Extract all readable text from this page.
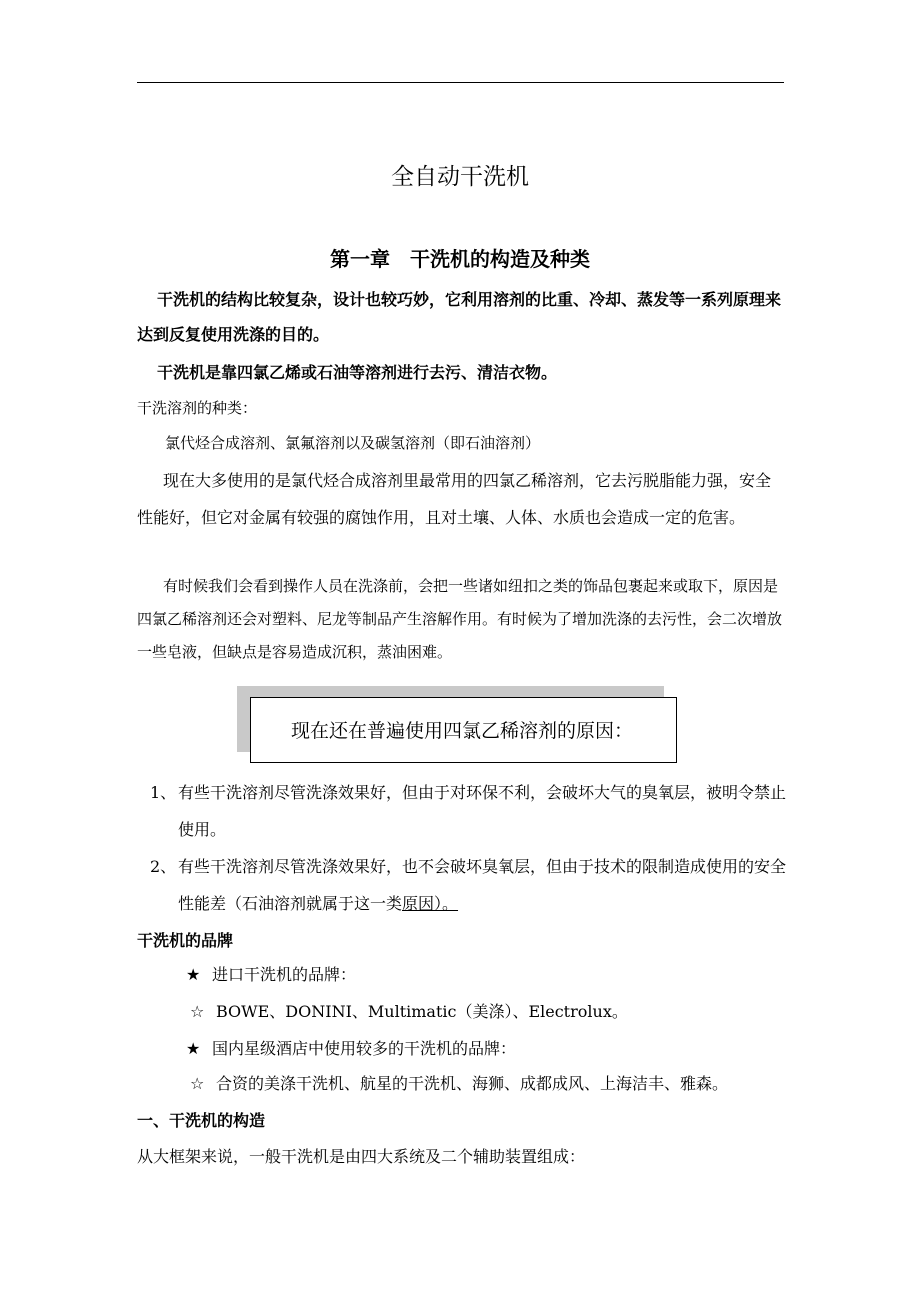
全自动干洗机
第一章　干洗机的构造及种类
干洗机的结构比较复杂，设计也较巧妙，它利用溶剂的比重、冷却、蒸发等一系列原理来达到反复使用洗涤的目的。
干洗机是靠四氯乙烯或石油等溶剂进行去污、清洁衣物。
干洗溶剂的种类：
氯代烃合成溶剂、氯氟溶剂以及碳氢溶剂（即石油溶剂）
现在大多使用的是氯代烃合成溶剂里最常用的四氯乙稀溶剂，它去污脱脂能力强，安全性能好，但它对金属有较强的腐蚀作用，且对土壤、人体、水质也会造成一定的危害。
有时候我们会看到操作人员在洗涤前，会把一些诸如纽扣之类的饰品包裹起来或取下，原因是四氯乙稀溶剂还会对塑料、尼龙等制品产生溶解作用。有时候为了增加洗涤的去污性，会二次增放一些皂液，但缺点是容易造成沉积，蒸油困难。
现在还在普遍使用四氯乙稀溶剂的原因：
1、 有些干洗溶剂尽管洗涤效果好，但由于对环保不利，会破坏大气的臭氧层，被明令禁止使用。
2、 有些干洗溶剂尽管洗涤效果好，也不会破坏臭氧层，但由于技术的限制造成使用的安全性能差（石油溶剂就属于这一类原因）。
干洗机的品牌
★ 进口干洗机的品牌：
☆ BOWE、DONINI、Multimatic（美涤）、Electrolux。
★ 国内星级酒店中使用较多的干洗机的品牌：
☆ 合资的美涤干洗机、航星的干洗机、海狮、成都成风、上海洁丰、雅森。
一、干洗机的构造
从大框架来说，一般干洗机是由四大系统及二个辅助装置组成：
